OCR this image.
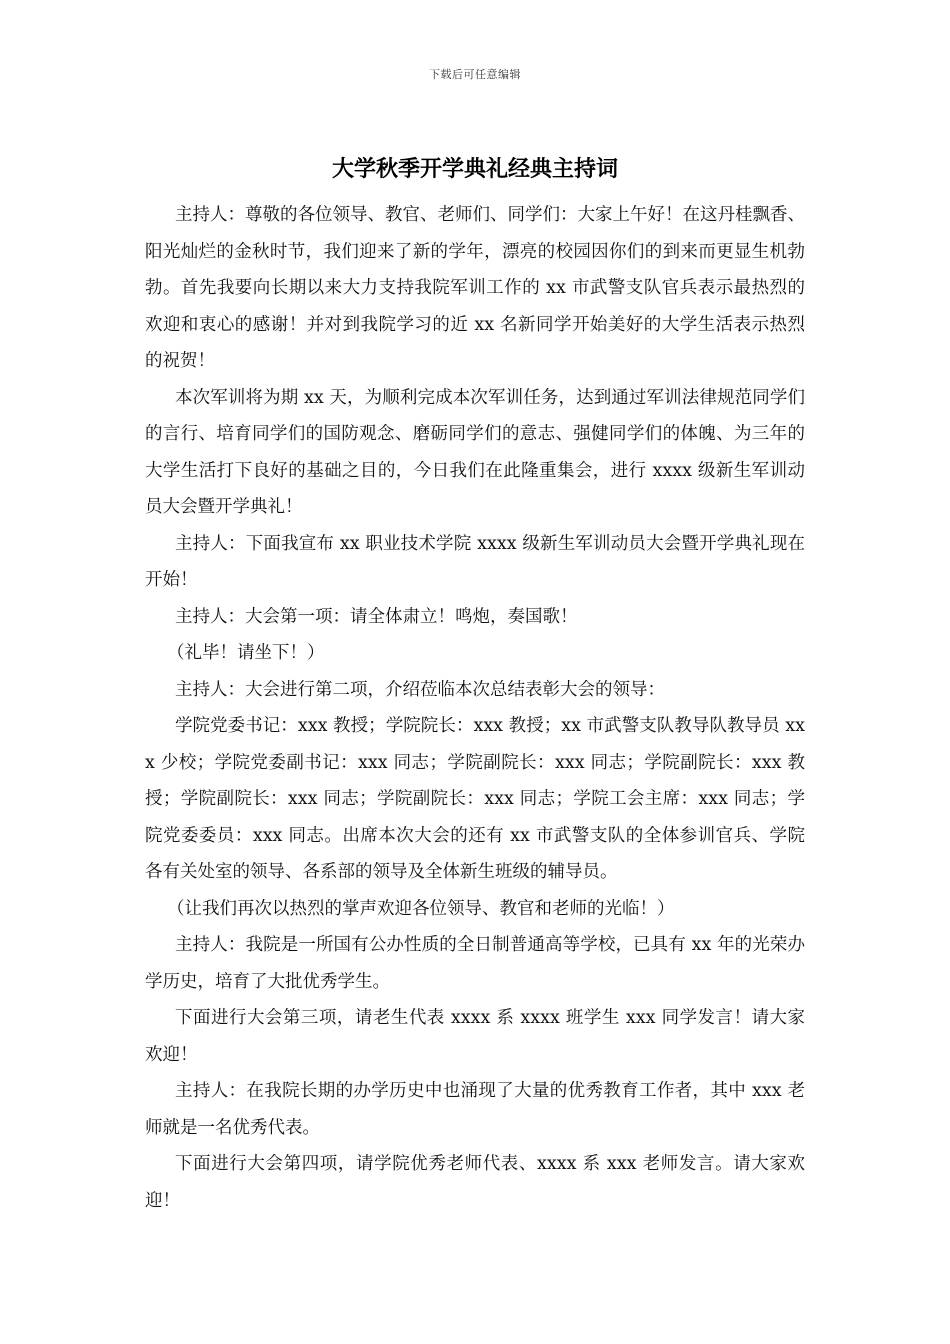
下载后可任意编辑
大学秋季开学典礼经典主持词

主持人：尊敬的各位领导、教官、老师们、同学们：大家上午好！在这丹桂飘香、阳光灿烂的金秋时节，我们迎来了新的学年，漂亮的校园因你们的到来而更显生机勃勃。首先我要向长期以来大力支持我院军训工作的 xx 市武警支队官兵表示最热烈的欢迎和衷心的感谢！并对到我院学习的近 xx 名新同学开始美好的大学生活表示热烈的祝贺！

本次军训将为期 xx 天，为顺利完成本次军训任务，达到通过军训法律规范同学们的言行、培育同学们的国防观念、磨砺同学们的意志、强健同学们的体魄、为三年的大学生活打下良好的基础之目的，今日我们在此隆重集会，进行 xxxx 级新生军训动员大会暨开学典礼！

主持人：下面我宣布 xx 职业技术学院 xxxx 级新生军训动员大会暨开学典礼现在开始！

主持人：大会第一项：请全体肃立！鸣炮，奏国歌！

（礼毕！请坐下！）

主持人：大会进行第二项，介绍莅临本次总结表彰大会的领导：

学院党委书记：xxx 教授；学院院长：xxx 教授；xx 市武警支队教导队教导员 xxx 少校；学院党委副书记：xxx 同志；学院副院长：xxx 同志；学院副院长：xxx 教授；学院副院长：xxx 同志；学院副院长：xxx 同志；学院工会主席：xxx 同志；学院党委委员：xxx 同志。出席本次大会的还有 xx 市武警支队的全体参训官兵、学院各有关处室的领导、各系部的领导及全体新生班级的辅导员。

（让我们再次以热烈的掌声欢迎各位领导、教官和老师的光临！）

主持人：我院是一所国有公办性质的全日制普通高等学校，已具有 xx 年的光荣办学历史，培育了大批优秀学生。

下面进行大会第三项，请老生代表 xxxx 系 xxxx 班学生 xxx 同学发言！请大家欢迎！

主持人：在我院长期的办学历史中也涌现了大量的优秀教育工作者，其中 xxx 老师就是一名优秀代表。

下面进行大会第四项，请学院优秀老师代表、xxxx 系 xxx 老师发言。请大家欢迎！
